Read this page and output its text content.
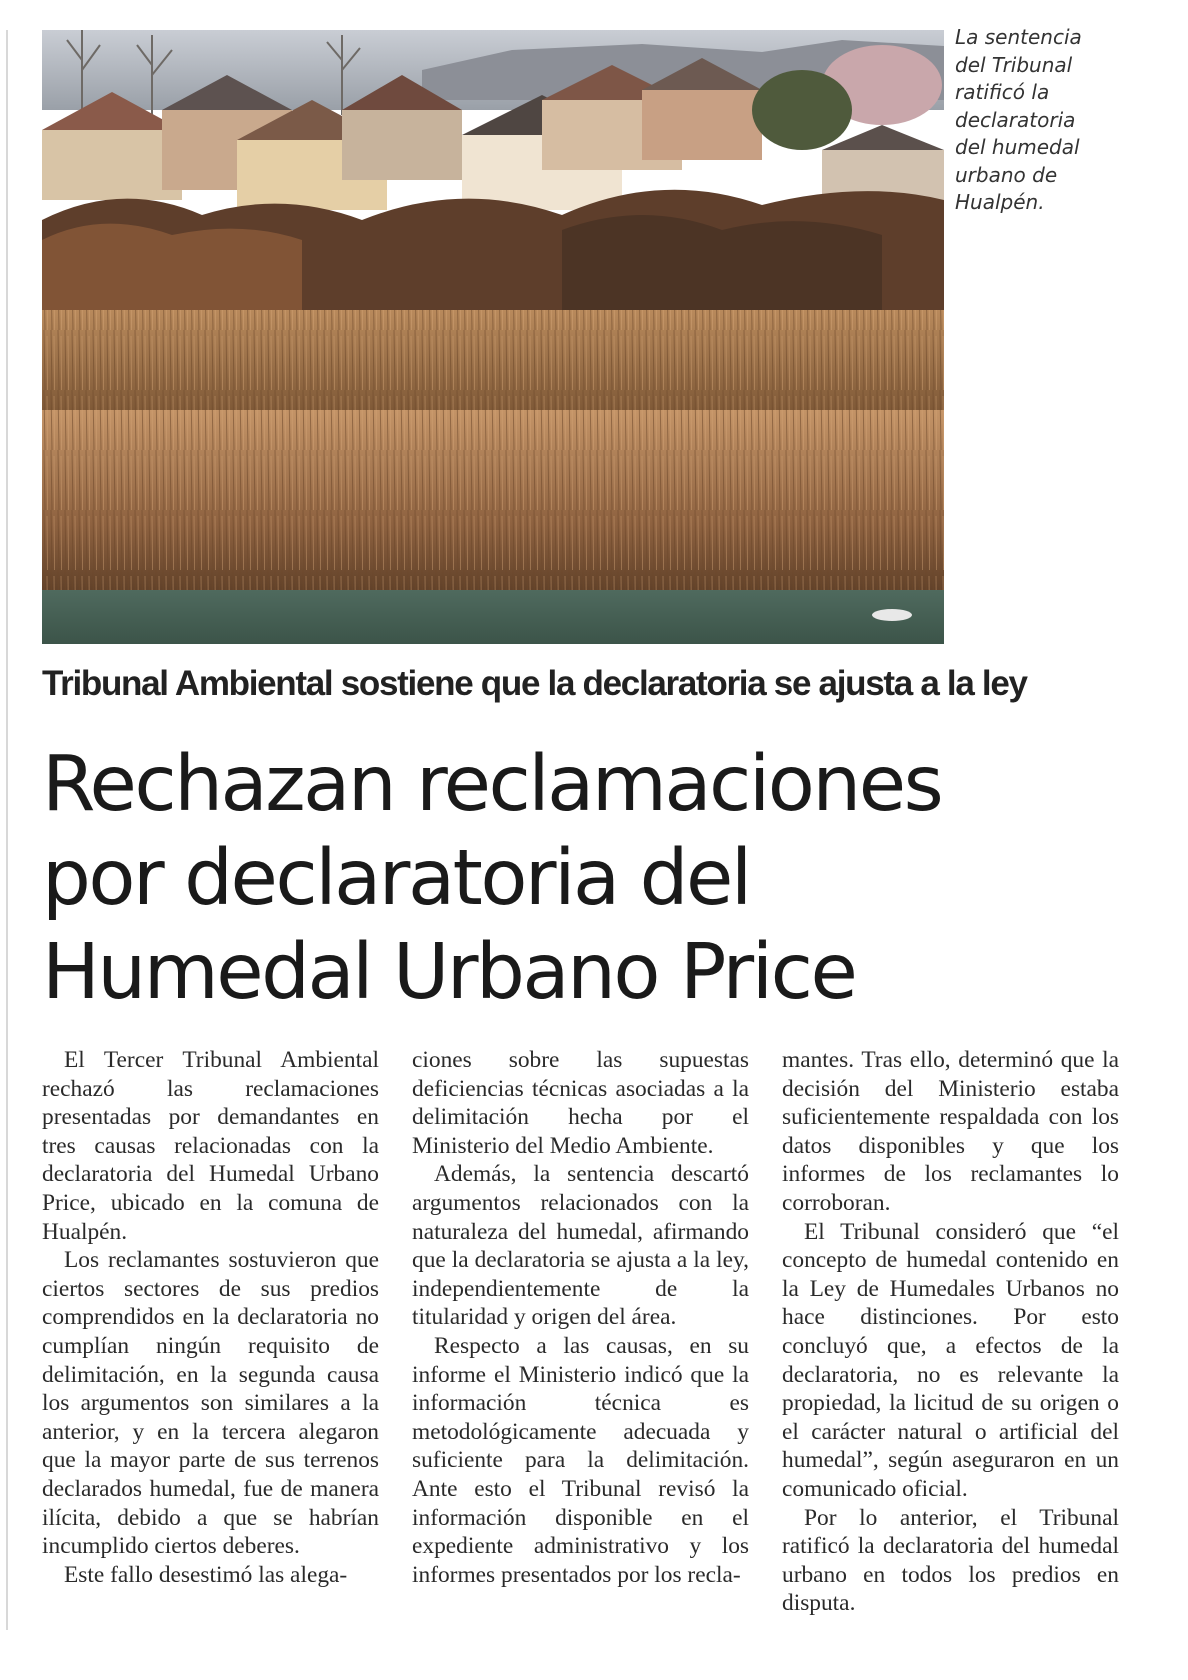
La sentencia
del Tribunal
ratificó la
declaratoria
del humedal
urbano de
Hualpén.
Tribunal Ambiental sostiene que la declaratoria se ajusta a la ley
Rechazan reclamaciones
por declaratoria del
Humedal Urbano Price

El Tercer Tribunal Ambiental rechazó las reclamaciones presentadas por demandantes en tres causas relacionadas con la declaratoria del Humedal Urbano Price, ubicado en la comuna de Hualpén.

Los reclamantes sostuvieron que ciertos sectores de sus predios comprendidos en la declaratoria no cumplían ningún requisito de delimitación, en la segunda causa los argumentos son similares a la anterior, y en la tercera alegaron que la mayor parte de sus terrenos declarados humedal, fue de manera ilícita, debido a que se habrían incumplido ciertos deberes.

Este fallo desestimó las alega-

ciones sobre las supuestas deficiencias técnicas asociadas a la delimitación hecha por el Ministerio del Medio Ambiente.

Además, la sentencia descartó argumentos relacionados con la naturaleza del humedal, afirmando que la declaratoria se ajusta a la ley, independientemente de la titularidad y origen del área.

Respecto a las causas, en su informe el Ministerio indicó que la información técnica es metodológicamente adecuada y suficiente para la delimitación. Ante esto el Tribunal revisó la información disponible en el expediente administrativo y los informes presentados por los recla-

mantes. Tras ello, determinó que la decisión del Ministerio estaba suficientemente respaldada con los datos disponibles y que los informes de los reclamantes lo corroboran.

El Tribunal consideró que “el concepto de humedal contenido en la Ley de Humedales Urbanos no hace distinciones. Por esto concluyó que, a efectos de la declaratoria, no es relevante la propiedad, la licitud de su origen o el carácter natural o artificial del humedal”, según aseguraron en un comunicado oficial.

Por lo anterior, el Tribunal ratificó la declaratoria del humedal urbano en todos los predios en disputa.
